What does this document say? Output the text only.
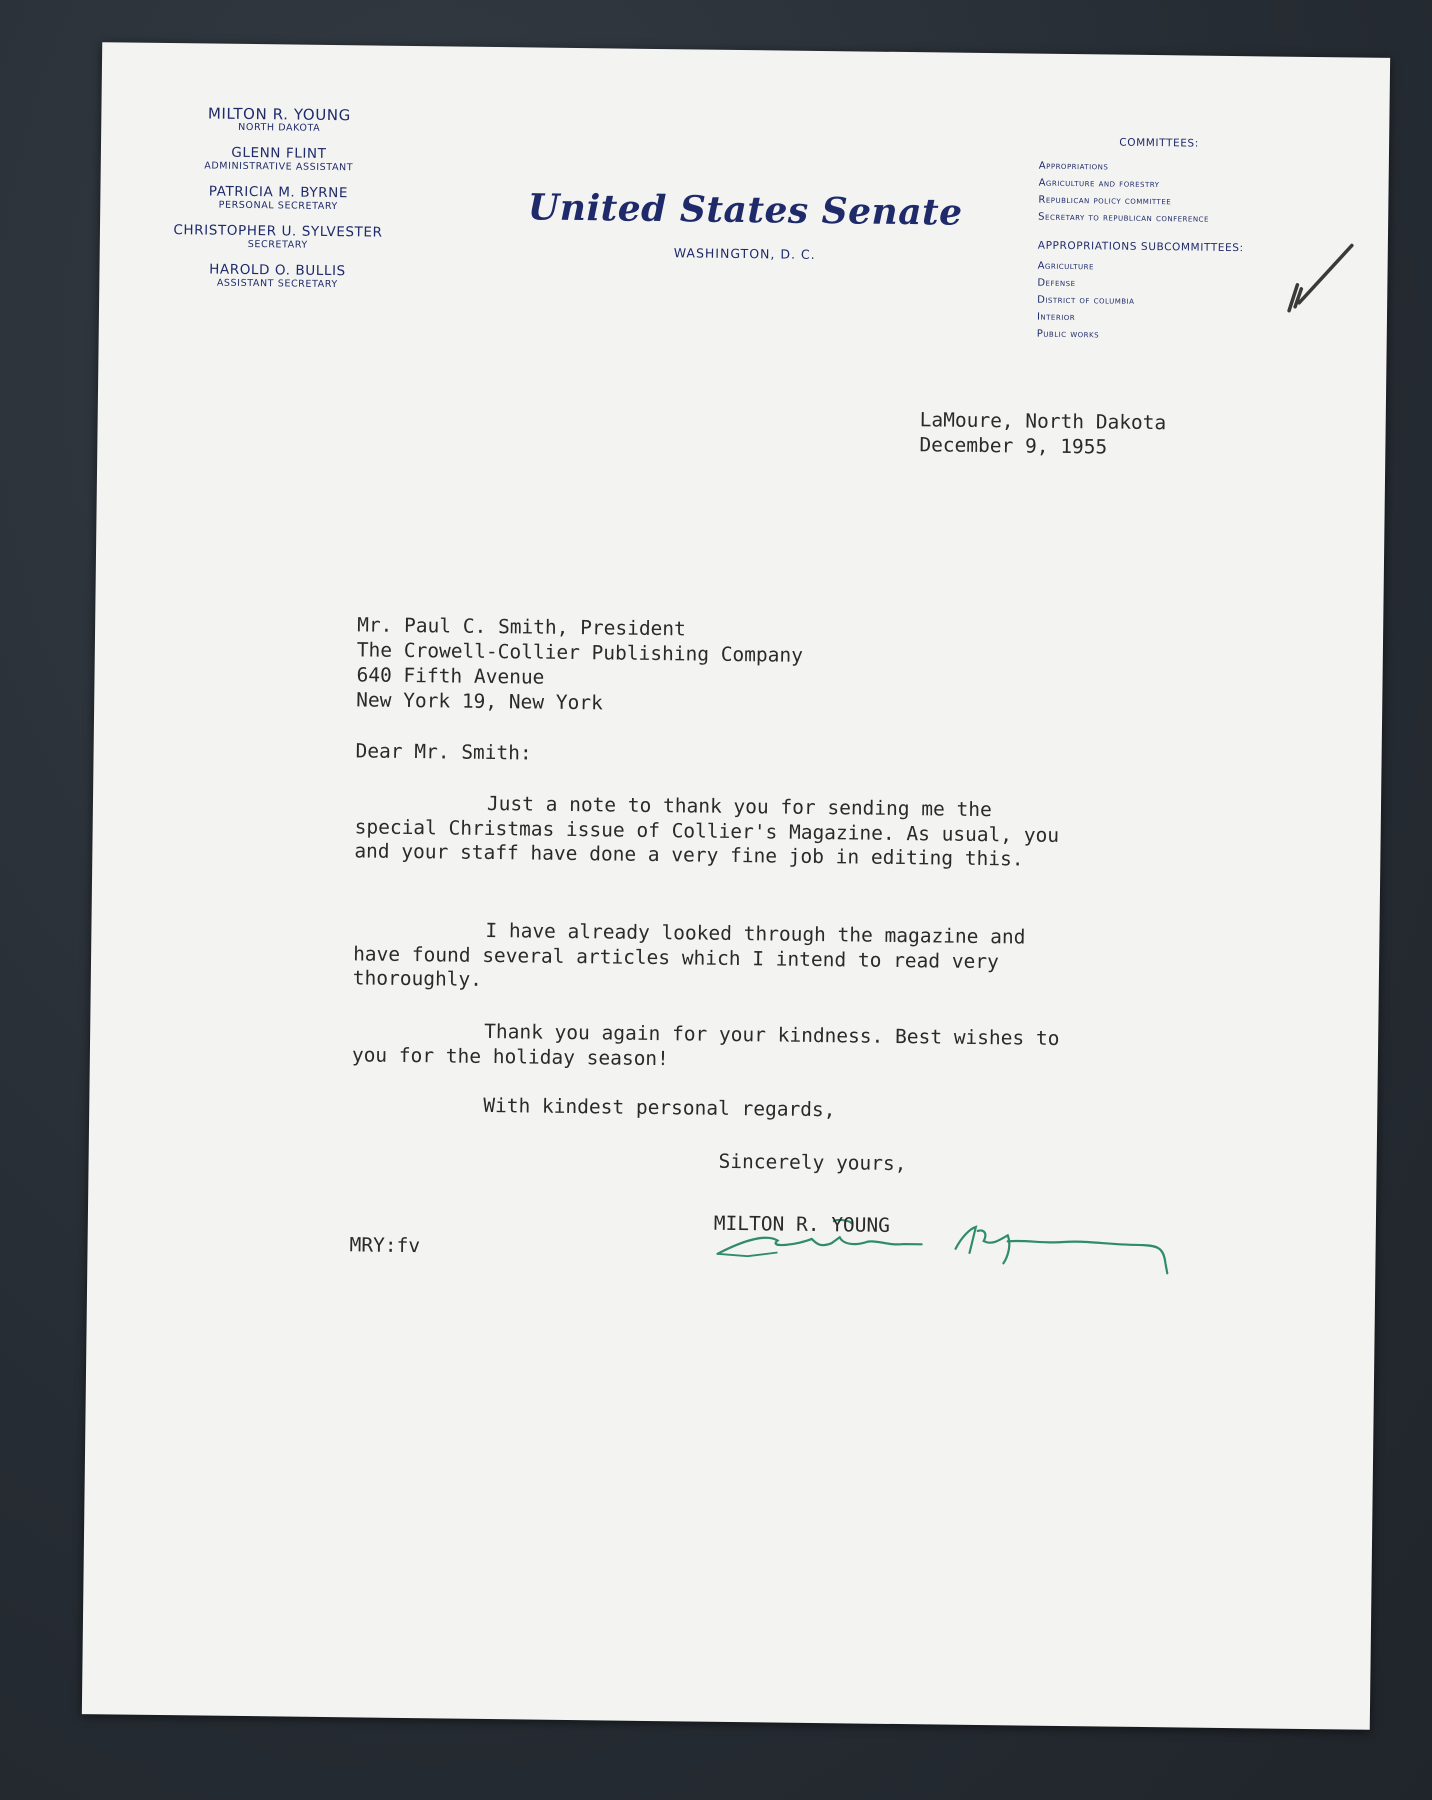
MILTON R. YOUNG
NORTH DAKOTA
GLENN FLINT
ADMINISTRATIVE ASSISTANT
PATRICIA M. BYRNE
PERSONAL SECRETARY
CHRISTOPHER U. SYLVESTER
SECRETARY
HAROLD O. BULLIS
ASSISTANT SECRETARY
United States Senate
WASHINGTON, D. C.
COMMITTEES:
Appropriations
Agriculture and forestry
Republican policy committee
Secretary to republican conference
APPROPRIATIONS SUBCOMMITTEES:
Agriculture
Defense
District of columbia
Interior
Public works
LaMoure, North Dakota
December 9, 1955
Mr. Paul C. Smith, President
The Crowell-Collier Publishing Company
640 Fifth Avenue
New York 19, New York
Dear Mr. Smith:
Just a note to thank you for sending me the special Christmas issue of Collier's Magazine. As usual, you and your staff have done a very fine job in editing this.
I have already looked through the magazine and have found several articles which I intend to read very thoroughly.
Thank you again for your kindness. Best wishes to you for the holiday season!
With kindest personal regards,
Sincerely yours,
MILTON R. YOUNG
MRY:fv
